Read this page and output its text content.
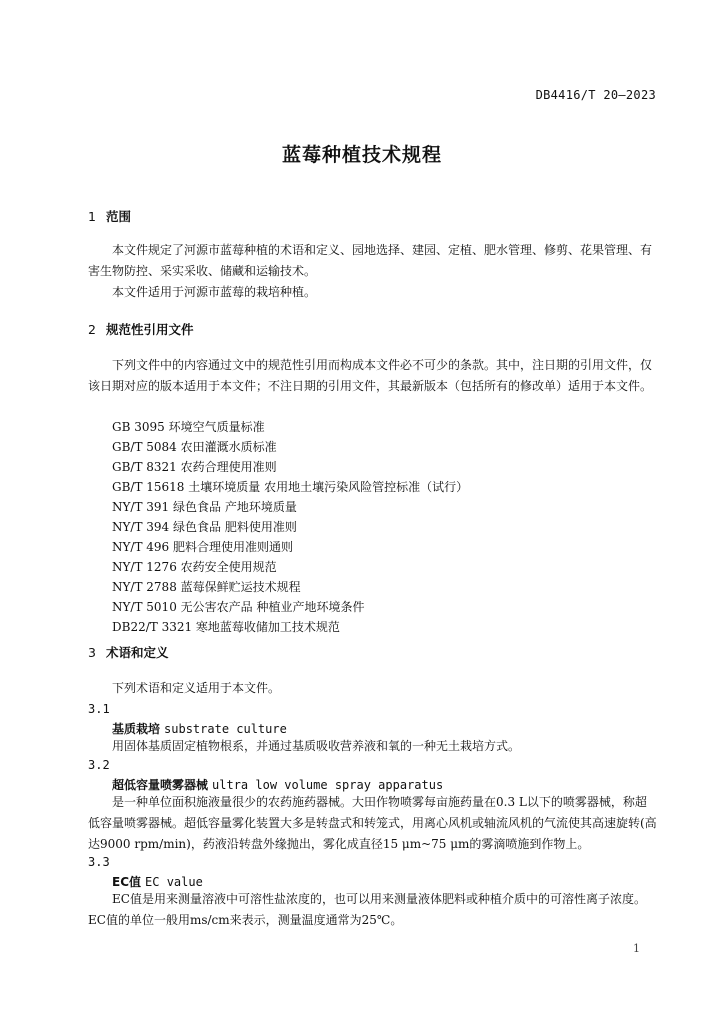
DB4416/T 20—2023
蓝莓种植技术规程
1 范围
本文件规定了河源市蓝莓种植的术语和定义、园地选择、建园、定植、肥水管理、修剪、花果管理、有害生物防控、采实采收、储藏和运输技术。
本文件适用于河源市蓝莓的栽培种植。
2 规范性引用文件
下列文件中的内容通过文中的规范性引用而构成本文件必不可少的条款。其中，注日期的引用文件，仅该日期对应的版本适用于本文件；不注日期的引用文件，其最新版本（包括所有的修改单）适用于本文件。
GB 3095 环境空气质量标准
GB/T 5084 农田灌溉水质标准
GB/T 8321 农药合理使用准则
GB/T 15618 土壤环境质量 农用地土壤污染风险管控标准（试行）
NY/T 391 绿色食品 产地环境质量
NY/T 394 绿色食品 肥料使用准则
NY/T 496 肥料合理使用准则通则
NY/T 1276 农药安全使用规范
NY/T 2788 蓝莓保鲜贮运技术规程
NY/T 5010 无公害农产品 种植业产地环境条件
DB22/T 3321 寒地蓝莓收储加工技术规范
3 术语和定义
下列术语和定义适用于本文件。
3.1
基质栽培 substrate culture
用固体基质固定植物根系，并通过基质吸收营养液和氧的一种无土栽培方式。
3.2
超低容量喷雾器械 ultra low volume spray apparatus
是一种单位面积施液量很少的农药施药器械。大田作物喷雾每亩施药量在0.3 L以下的喷雾器械，称超低容量喷雾器械。超低容量雾化装置大多是转盘式和转笼式，用离心风机或轴流风机的气流使其高速旋转(高达9000 rpm/min)，药液沿转盘外缘抛出，雾化成直径15 μm~75 μm的雾滴喷施到作物上。
3.3
EC值 EC value
EC值是用来测量溶液中可溶性盐浓度的，也可以用来测量液体肥料或种植介质中的可溶性离子浓度。EC值的单位一般用ms/cm来表示，测量温度通常为25℃。
1
